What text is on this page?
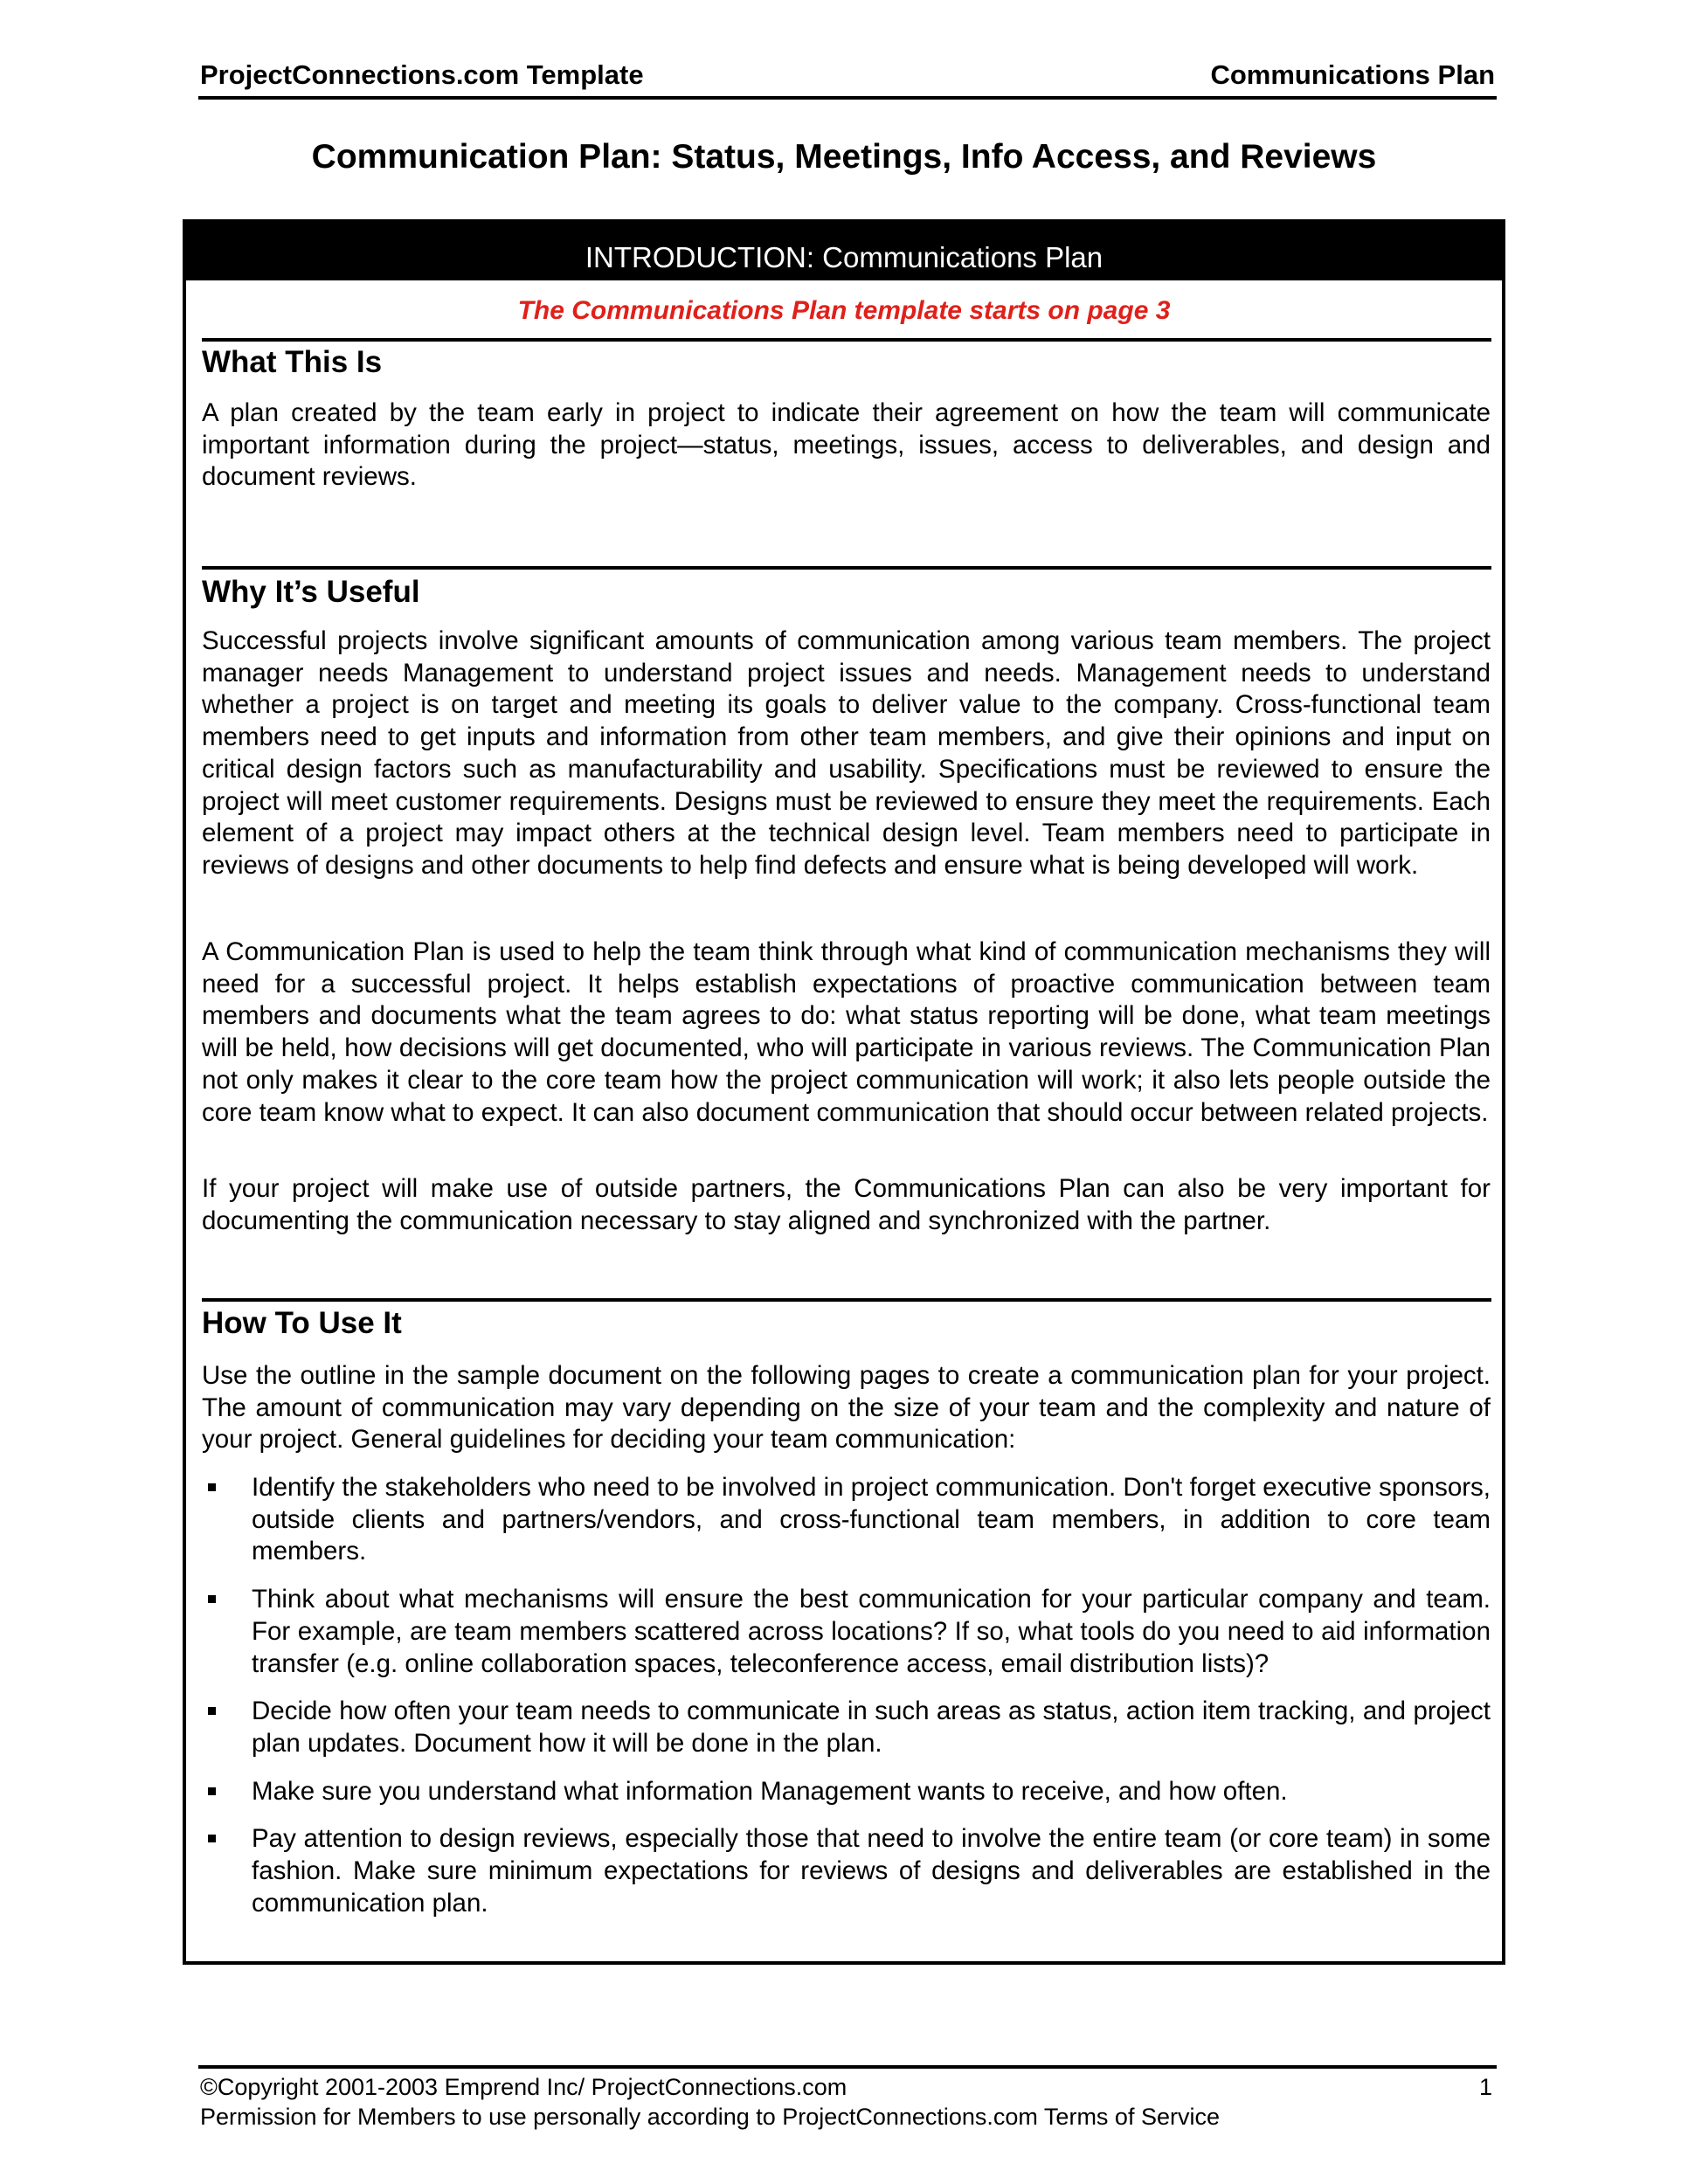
ProjectConnections.com Template	Communications Plan
Communication Plan: Status, Meetings, Info Access, and Reviews
INTRODUCTION: Communications Plan
The Communications Plan template starts on page 3
What This Is

A plan created by the team early in project to indicate their agreement on how the team will communicate important information during the project—status, meetings, issues, access to deliverables, and design and document reviews.

Why It’s Useful

Successful projects involve significant amounts of communication among various team members. The project manager needs Management to understand project issues and needs. Management needs to understand whether a project is on target and meeting its goals to deliver value to the company. Cross-functional team members need to get inputs and information from other team members, and give their opinions and input on critical design factors such as manufacturability and usability. Specifications must be reviewed to ensure the project will meet customer requirements. Designs must be reviewed to ensure they meet the requirements. Each element of a project may impact others at the technical design level. Team members need to participate in reviews of designs and other documents to help find defects and ensure what is being developed will work.

A Communication Plan is used to help the team think through what kind of communication mechanisms they will need for a successful project. It helps establish expectations of proactive communication between team members and documents what the team agrees to do: what status reporting will be done, what team meetings will be held, how decisions will get documented, who will participate in various reviews. The Communication Plan not only makes it clear to the core team how the project communication will work; it also lets people outside the core team know what to expect. It can also document communication that should occur between related projects.

If your project will make use of outside partners, the Communications Plan can also be very important for documenting the communication necessary to stay aligned and synchronized with the partner.

How To Use It

Use the outline in the sample document on the following pages to create a communication plan for your project. The amount of communication may vary depending on the size of your team and the complexity and nature of your project. General guidelines for deciding your team communication:

Identify the stakeholders who need to be involved in project communication. Don't forget executive sponsors, outside clients and partners/vendors, and cross-functional team members, in addition to core team members.
Think about what mechanisms will ensure the best communication for your particular company and team. For example, are team members scattered across locations? If so, what tools do you need to aid information transfer (e.g. online collaboration spaces, teleconference access, email distribution lists)?
Decide how often your team needs to communicate in such areas as status, action item tracking, and project plan updates. Document how it will be done in the plan.
Make sure you understand what information Management wants to receive, and how often.
Pay attention to design reviews, especially those that need to involve the entire team (or core team) in some fashion. Make sure minimum expectations for reviews of designs and deliverables are established in the communication plan.
©Copyright 2001-2003 Emprend Inc/ ProjectConnections.com	1
Permission for Members to use personally according to ProjectConnections.com Terms of Service
